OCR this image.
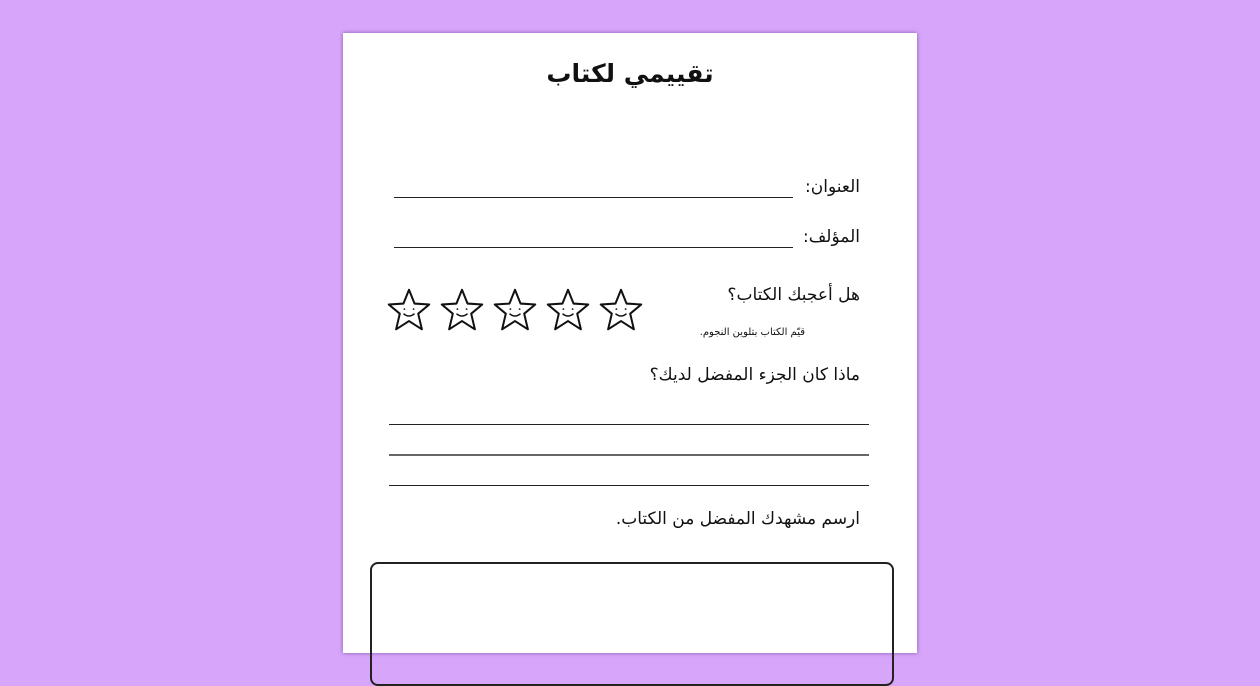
تقييمي لكتاب
العنوان:
المؤلف:
هل أعجبك الكتاب؟
قيّم الكتاب بتلوين النجوم.
ماذا كان الجزء المفضل لديك؟
ارسم مشهدك المفضل من الكتاب.
